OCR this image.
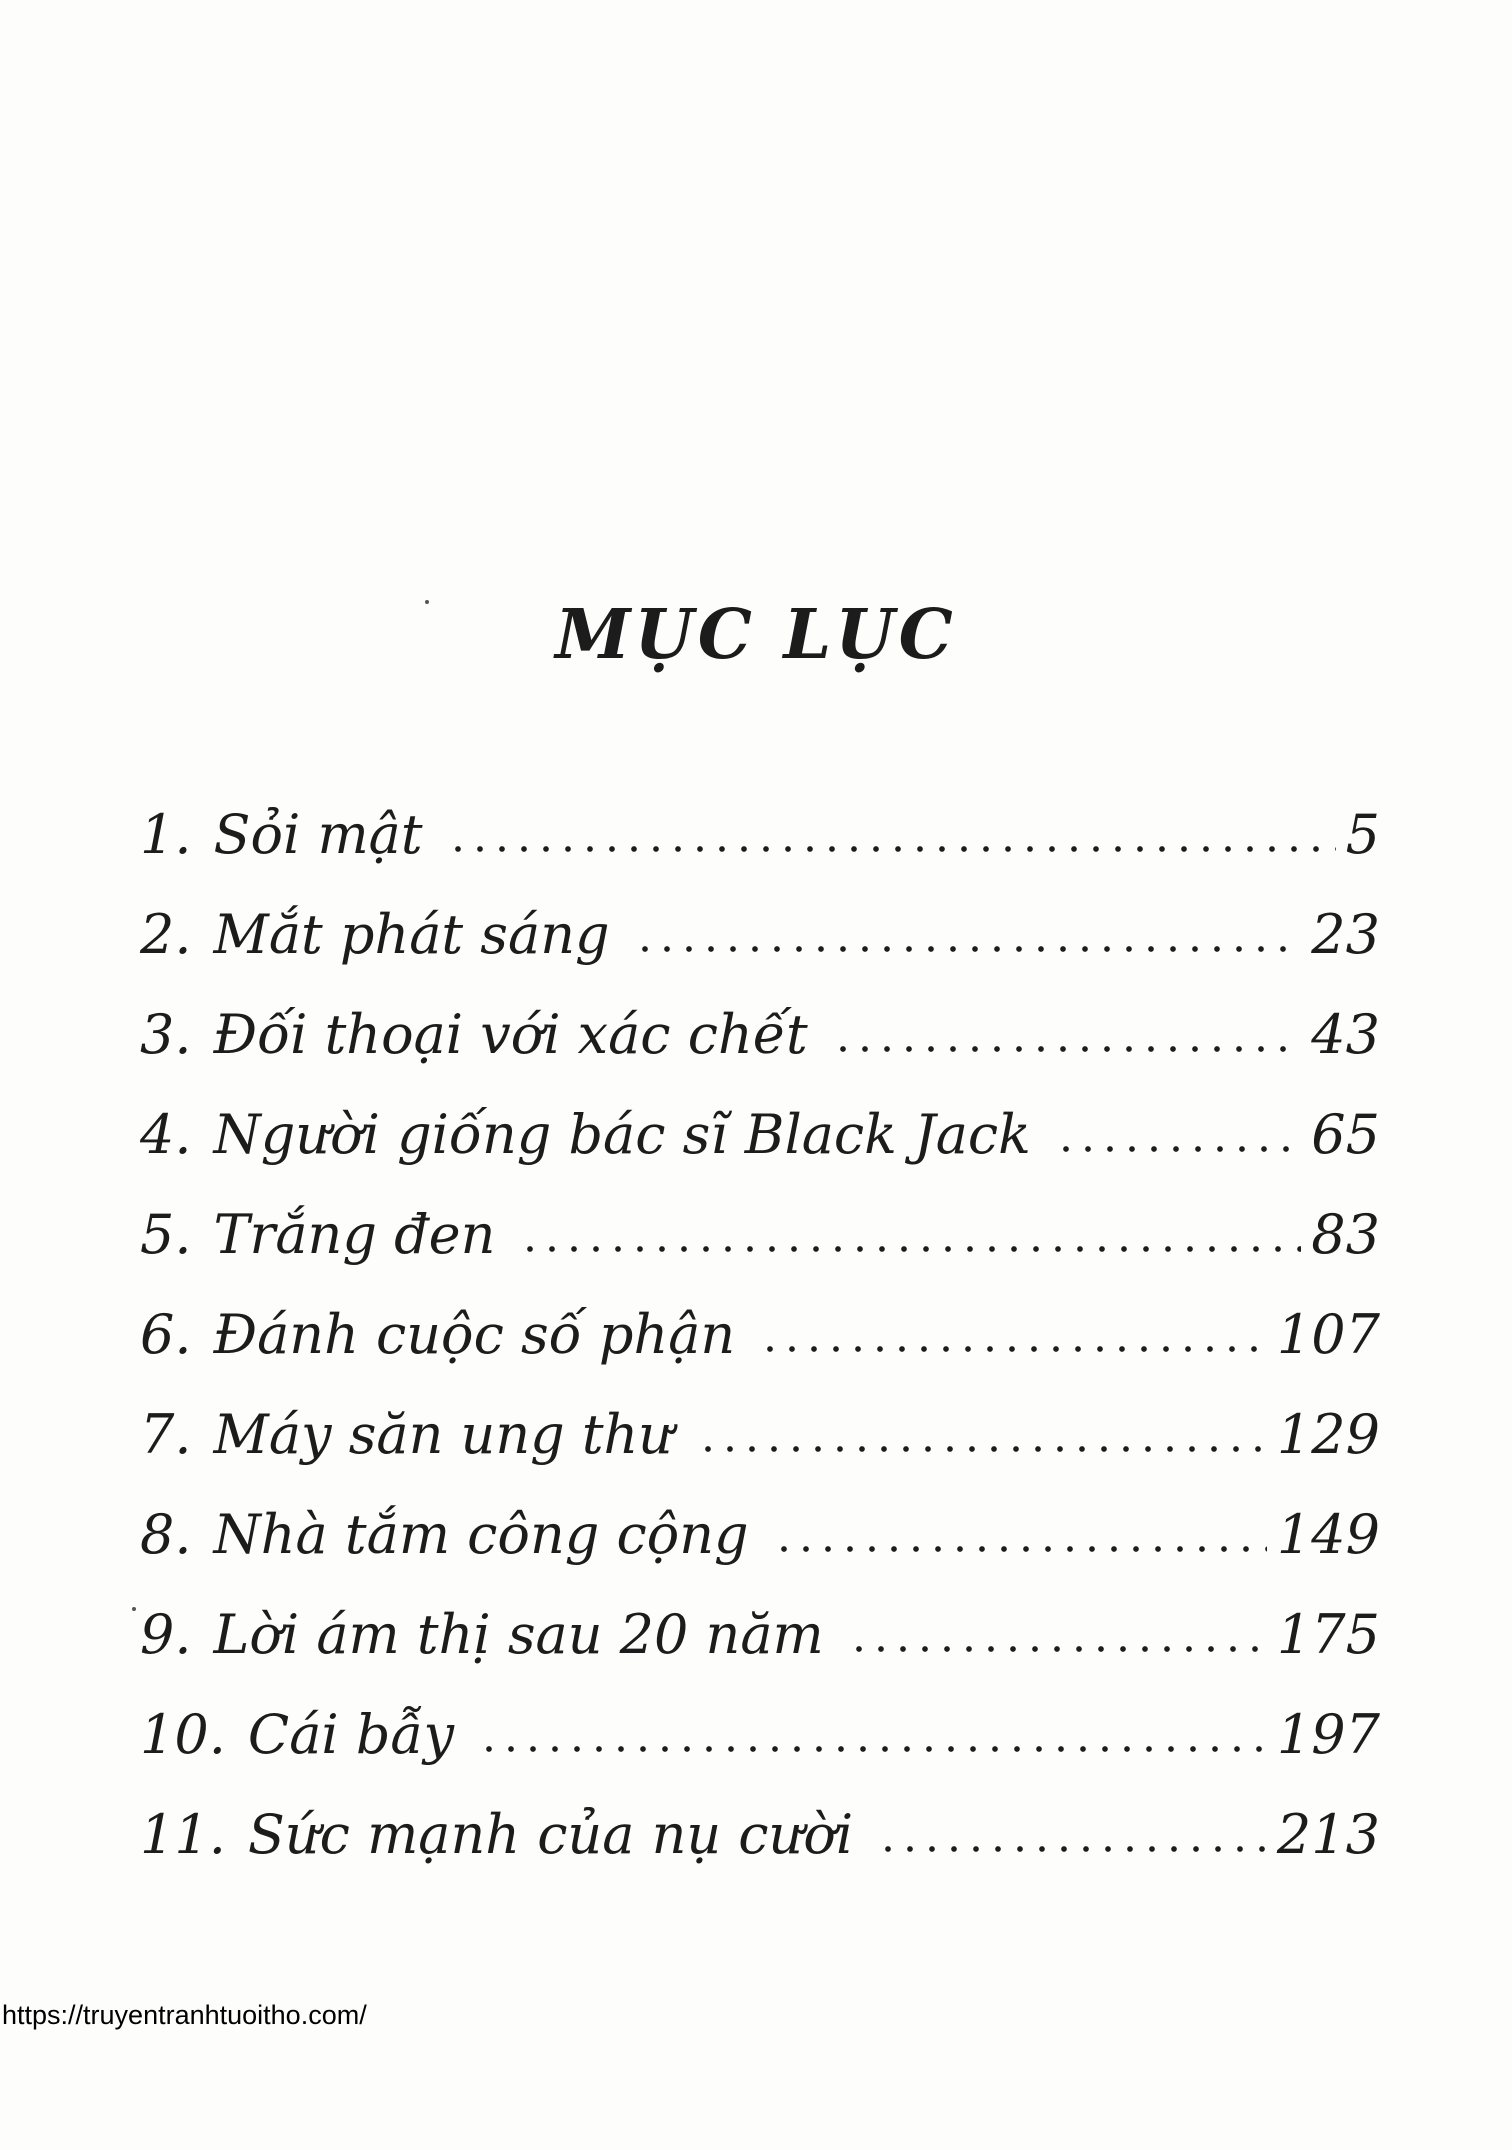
MỤC LỤC
1. Sỏi mật	5
2. Mắt phát sáng	23
3. Đối thoại với xác chết	43
4. Người giống bác sĩ Black Jack	65
5. Trắng đen	83
6. Đánh cuộc số phận	107
7. Máy săn ung thư	129
8. Nhà tắm công cộng	149
9. Lời ám thị sau 20 năm	175
10. Cái bẫy	197
11. Sức mạnh của nụ cười	213
https://truyentranhtuoitho.com/
